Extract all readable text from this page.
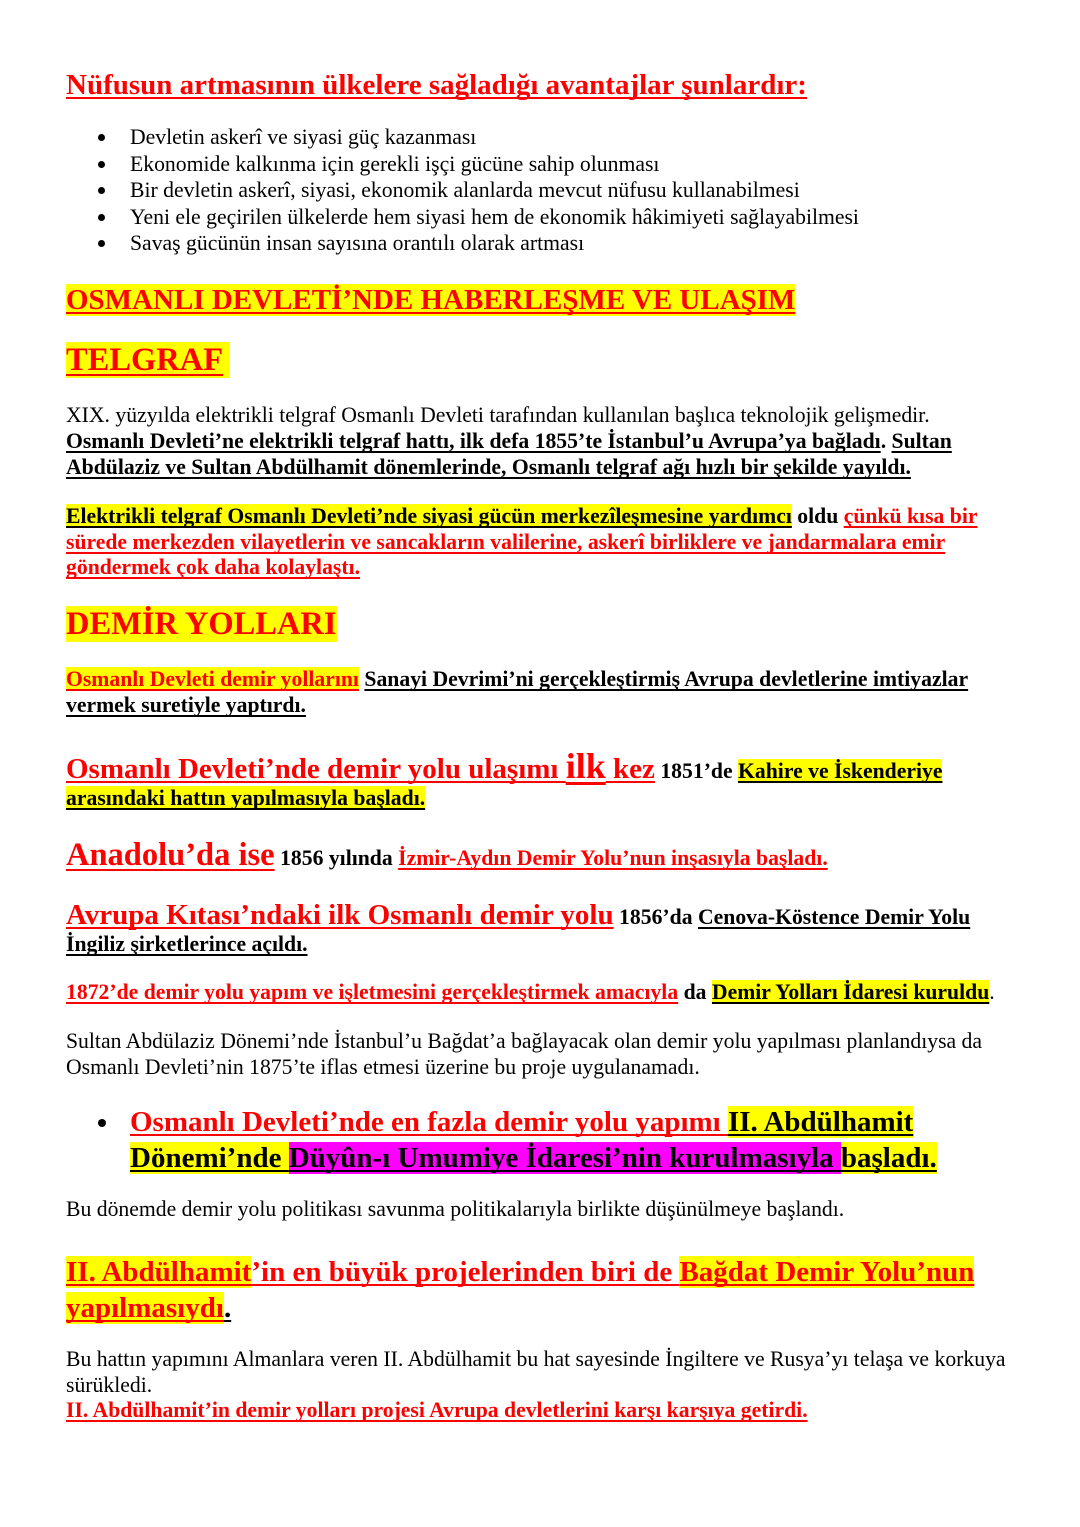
Nüfusun artmasının ülkelere sağladığı avantajlar şunlardır:
Devletin askerî ve siyasi güç kazanması
Ekonomide kalkınma için gerekli işçi gücüne sahip olunması
Bir devletin askerî, siyasi, ekonomik alanlarda mevcut nüfusu kullanabilmesi
Yeni ele geçirilen ülkelerde hem siyasi hem de ekonomik hâkimiyeti sağlayabilmesi
Savaş gücünün insan sayısına orantılı olarak artması
OSMANLI DEVLETİ’NDE HABERLEŞME VE ULAŞIM
TELGRAF
XIX. yüzyılda elektrikli telgraf Osmanlı Devleti tarafından kullanılan başlıca teknolojik gelişmedir.
Osmanlı Devleti’ne elektrikli telgraf hattı, ilk defa 1855’te İstanbul’u Avrupa’ya bağladı. Sultan
Abdülaziz ve Sultan Abdülhamit dönemlerinde, Osmanlı telgraf ağı hızlı bir şekilde yayıldı.
Elektrikli telgraf Osmanlı Devleti’nde siyasi gücün merkezîleşmesine yardımcı oldu çünkü kısa bir
sürede merkezden vilayetlerin ve sancakların valilerine, askerî birliklere ve jandarmalara emir
göndermek çok daha kolaylaştı.
DEMİR YOLLARI
Osmanlı Devleti demir yollarını Sanayi Devrimi’ni gerçekleştirmiş Avrupa devletlerine imtiyazlar
vermek suretiyle yaptırdı.
Osmanlı Devleti’nde demir yolu ulaşımı ilk kez 1851’de Kahire ve İskenderiye
arasındaki hattın yapılmasıyla başladı.
Anadolu’da ise 1856 yılında İzmir-Aydın Demir Yolu’nun inşasıyla başladı.
Avrupa Kıtası’ndaki ilk Osmanlı demir yolu 1856’da Cenova-Köstence Demir Yolu
İngiliz şirketlerince açıldı.
1872’de demir yolu yapım ve işletmesini gerçekleştirmek amacıyla da Demir Yolları İdaresi kuruldu.
Sultan Abdülaziz Dönemi’nde İstanbul’u Bağdat’a bağlayacak olan demir yolu yapılması planlandıysa da
Osmanlı Devleti’nin 1875’te iflas etmesi üzerine bu proje uygulanamadı.
Osmanlı Devleti’nde en fazla demir yolu yapımı II. Abdülhamit
Dönemi’nde Düyûn-ı Umumiye İdaresi’nin kurulmasıyla başladı.
Bu dönemde demir yolu politikası savunma politikalarıyla birlikte düşünülmeye başlandı.
II. Abdülhamit’in en büyük projelerinden biri de Bağdat Demir Yolu’nun
yapılmasıydı.
Bu hattın yapımını Almanlara veren II. Abdülhamit bu hat sayesinde İngiltere ve Rusya’yı telaşa ve korkuya
sürükledi.
II. Abdülhamit’in demir yolları projesi Avrupa devletlerini karşı karşıya getirdi.
